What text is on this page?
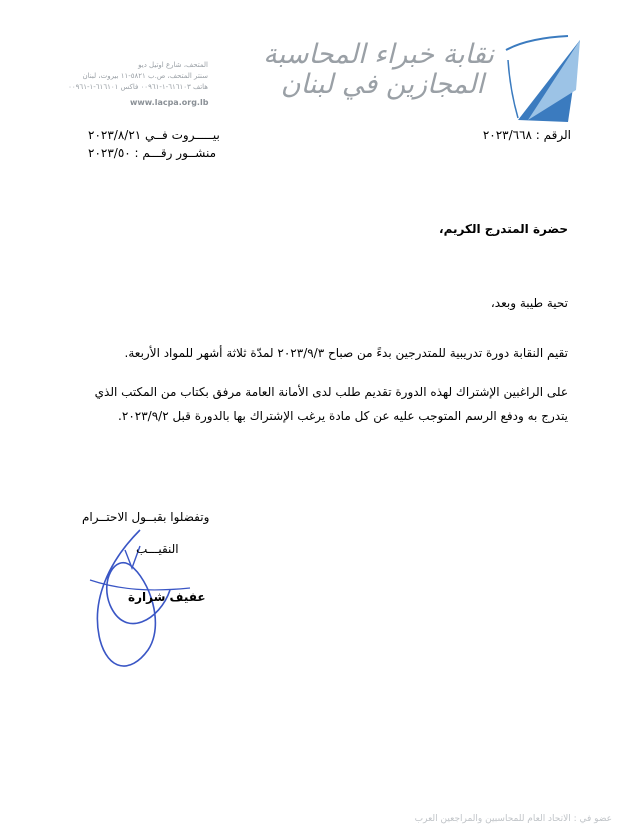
نقابة خبراء المحاسبة
المجازين في لبنان
المتحف، شارع اوتيل ديو
سنتر المتحف، ص.ب ٥٨٢١-١١ بيروت، لبنان
هاتف ٦١٦١٠٣-١-٠٠٩٦١ فاكس ٦١٦١٠١-١-٠٠٩٦١
www.lacpa.org.lb
الرقم : ٢٠٢٣/٦٦٨
بيـــــروت فــي ٢٠٢٣/٨/٢١
منشــور رقـــم : ٢٠٢٣/٥٠
حضرة المتدرج الكريم،
تحية طيبة وبعد،
تقيم النقابة دورة تدريبية للمتدرجين بدءً من صباح ٢٠٢٣/٩/٣ لمدّة ثلاثة أشهر للمواد الأربعة.
على الراغبين الإشتراك لهذه الدورة تقديم طلب لدى الأمانة العامة مرفق بكتاب من المكتب الذي يتدرج به ودفع الرسم المتوجب عليه عن كل مادة يرغب الإشتراك بها بالدورة قبل ٢٠٢٣/٩/٢.
وتفضلوا بقبــول الاحتــرام
النقيـــب
عفيف شرارة
عضو في : الاتحاد العام للمحاسبين والمراجعين العرب
